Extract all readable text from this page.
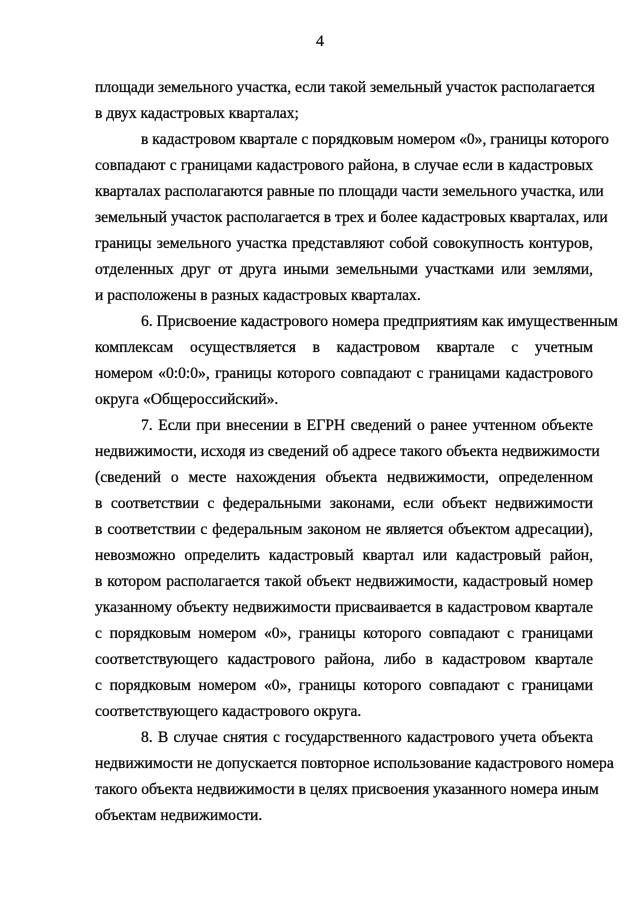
4
площади земельного участка, если такой земельный участок располагается
в двух кадастровых кварталах;
в кадастровом квартале с порядковым номером «0», границы которого
совпадают с границами кадастрового района, в случае если в кадастровых
кварталах располагаются равные по площади части земельного участка, или
земельный участок располагается в трех и более кадастровых кварталах, или
границы земельного участка представляют собой совокупность контуров,
отделенных друг от друга иными земельными участками или землями,
и расположены в разных кадастровых кварталах.
6. Присвоение кадастрового номера предприятиям как имущественным
комплексам осуществляется в кадастровом квартале с учетным
номером «0:0:0», границы которого совпадают с границами кадастрового
округа «Общероссийский».
7. Если при внесении в ЕГРН сведений о ранее учтенном объекте
недвижимости, исходя из сведений об адресе такого объекта недвижимости
(сведений о месте нахождения объекта недвижимости, определенном
в соответствии с федеральными законами, если объект недвижимости
в соответствии с федеральным законом не является объектом адресации),
невозможно определить кадастровый квартал или кадастровый район,
в котором располагается такой объект недвижимости, кадастровый номер
указанному объекту недвижимости присваивается в кадастровом квартале
с порядковым номером «0», границы которого совпадают с границами
соответствующего кадастрового района, либо в кадастровом квартале
с порядковым номером «0», границы которого совпадают с границами
соответствующего кадастрового округа.
8. В случае снятия с государственного кадастрового учета объекта
недвижимости не допускается повторное использование кадастрового номера
такого объекта недвижимости в целях присвоения указанного номера иным
объектам недвижимости.
